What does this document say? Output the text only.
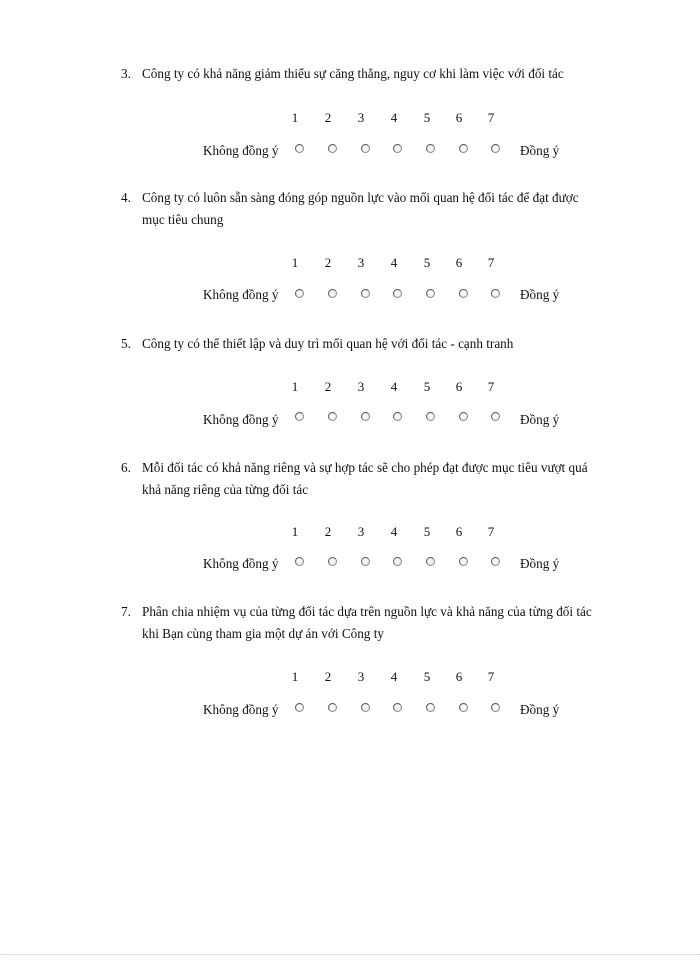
3. Công ty có khả năng giảm thiểu sự căng thẳng, nguy cơ khi làm việc với đối tác
1	2	3	4	5	6	7
Không đồng ý	Đồng ý
4. Công ty có luôn sẵn sàng đóng góp nguồn lực vào mối quan hệ đối tác để đạt được
mục tiêu chung
1	2	3	4	5	6	7
Không đồng ý	Đồng ý
5. Công ty có thể thiết lập và duy trì mối quan hệ với đối tác - cạnh tranh
1	2	3	4	5	6	7
Không đồng ý	Đồng ý
6. Mỗi đối tác có khả năng riêng và sự hợp tác sẽ cho phép đạt được mục tiêu vượt quá
khả năng riêng của từng đối tác
1	2	3	4	5	6	7
Không đồng ý	Đồng ý
7. Phân chia nhiệm vụ của từng đối tác dựa trên nguồn lực và khả năng của từng đối tác
khi Bạn cùng tham gia một dự án với Công ty
1	2	3	4	5	6	7
Không đồng ý	Đồng ý
